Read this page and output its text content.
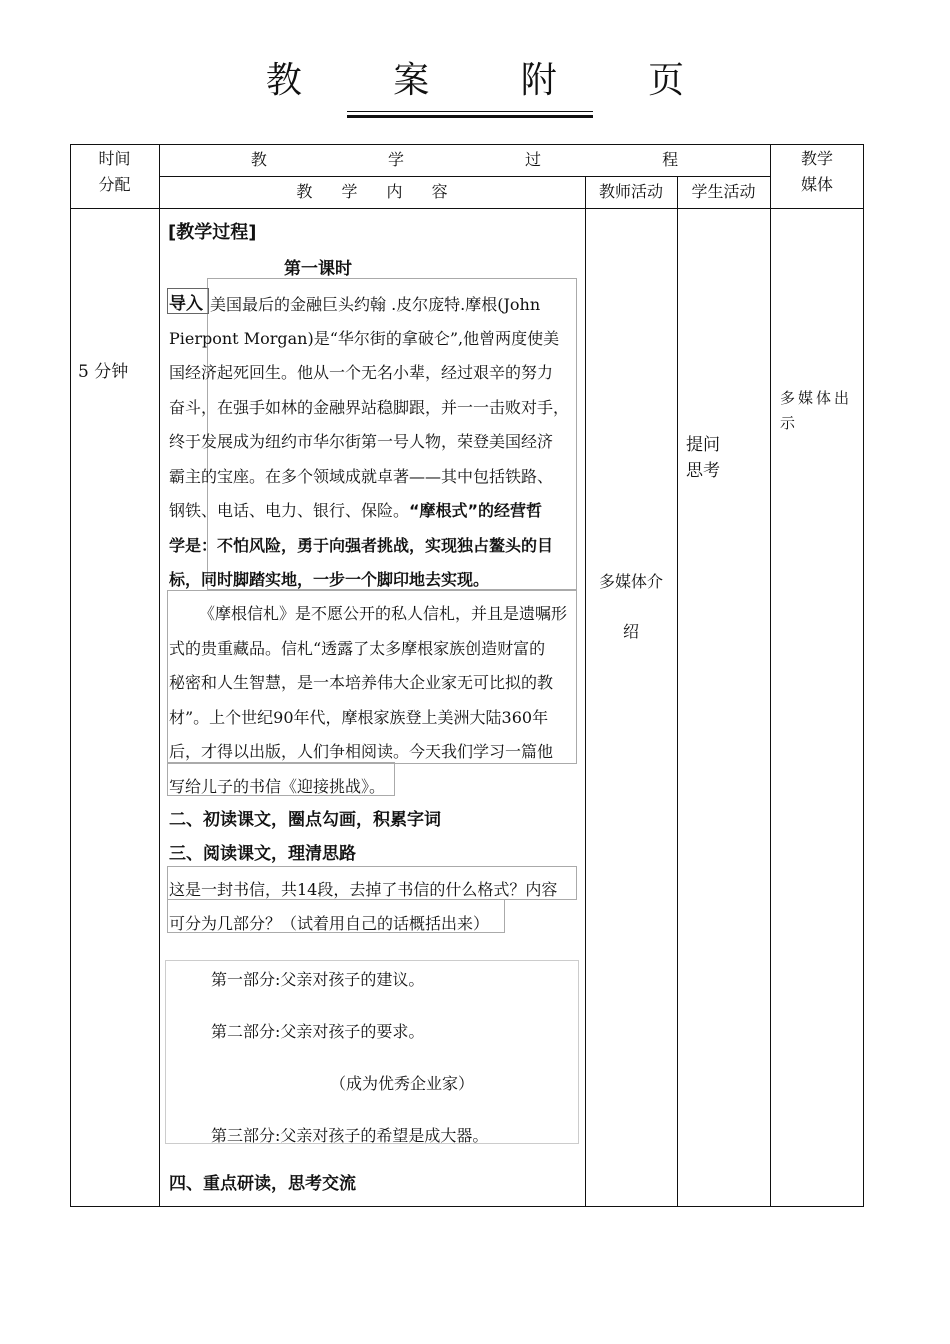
教 案 附 页
时间
分配
教 学 过 程
教 学 内 容	教师活动	学生活动
教学
媒体
5 分钟
多媒体介
绍
提问
思考
多媒体出
示
[教学过程]
第一课时
导入 美国最后的金融巨头约翰 .皮尔庞特.摩根(John
Pierpont Morgan)是“华尔街的拿破仑”,他曾两度使美
国经济起死回生。他从一个无名小辈，经过艰辛的努力
奋斗，在强手如林的金融界站稳脚跟，并一一击败对手，
终于发展成为纽约市华尔街第一号人物，荣登美国经济
霸主的宝座。在多个领域成就卓著——其中包括铁路、
钢铁、电话、电力、银行、保险。“摩根式”的经营哲
学是：不怕风险，勇于向强者挑战，实现独占鳌头的目
标，同时脚踏实地，一步一个脚印地去实现。
《摩根信札》是不愿公开的私人信札，并且是遗嘱形
式的贵重藏品。信札“透露了太多摩根家族创造财富的
秘密和人生智慧，是一本培养伟大企业家无可比拟的教
材”。上个世纪90年代，摩根家族登上美洲大陆360年
后，才得以出版，人们争相阅读。今天我们学习一篇他
写给儿子的书信《迎接挑战》。
二、初读课文，圈点勾画，积累字词
三、阅读课文，理清思路
这是一封书信，共14段，去掉了书信的什么格式？内容
可分为几部分？（试着用自己的话概括出来）
第一部分:父亲对孩子的建议。
第二部分:父亲对孩子的要求。
（成为优秀企业家）
第三部分:父亲对孩子的希望是成大器。
四、重点研读，思考交流
